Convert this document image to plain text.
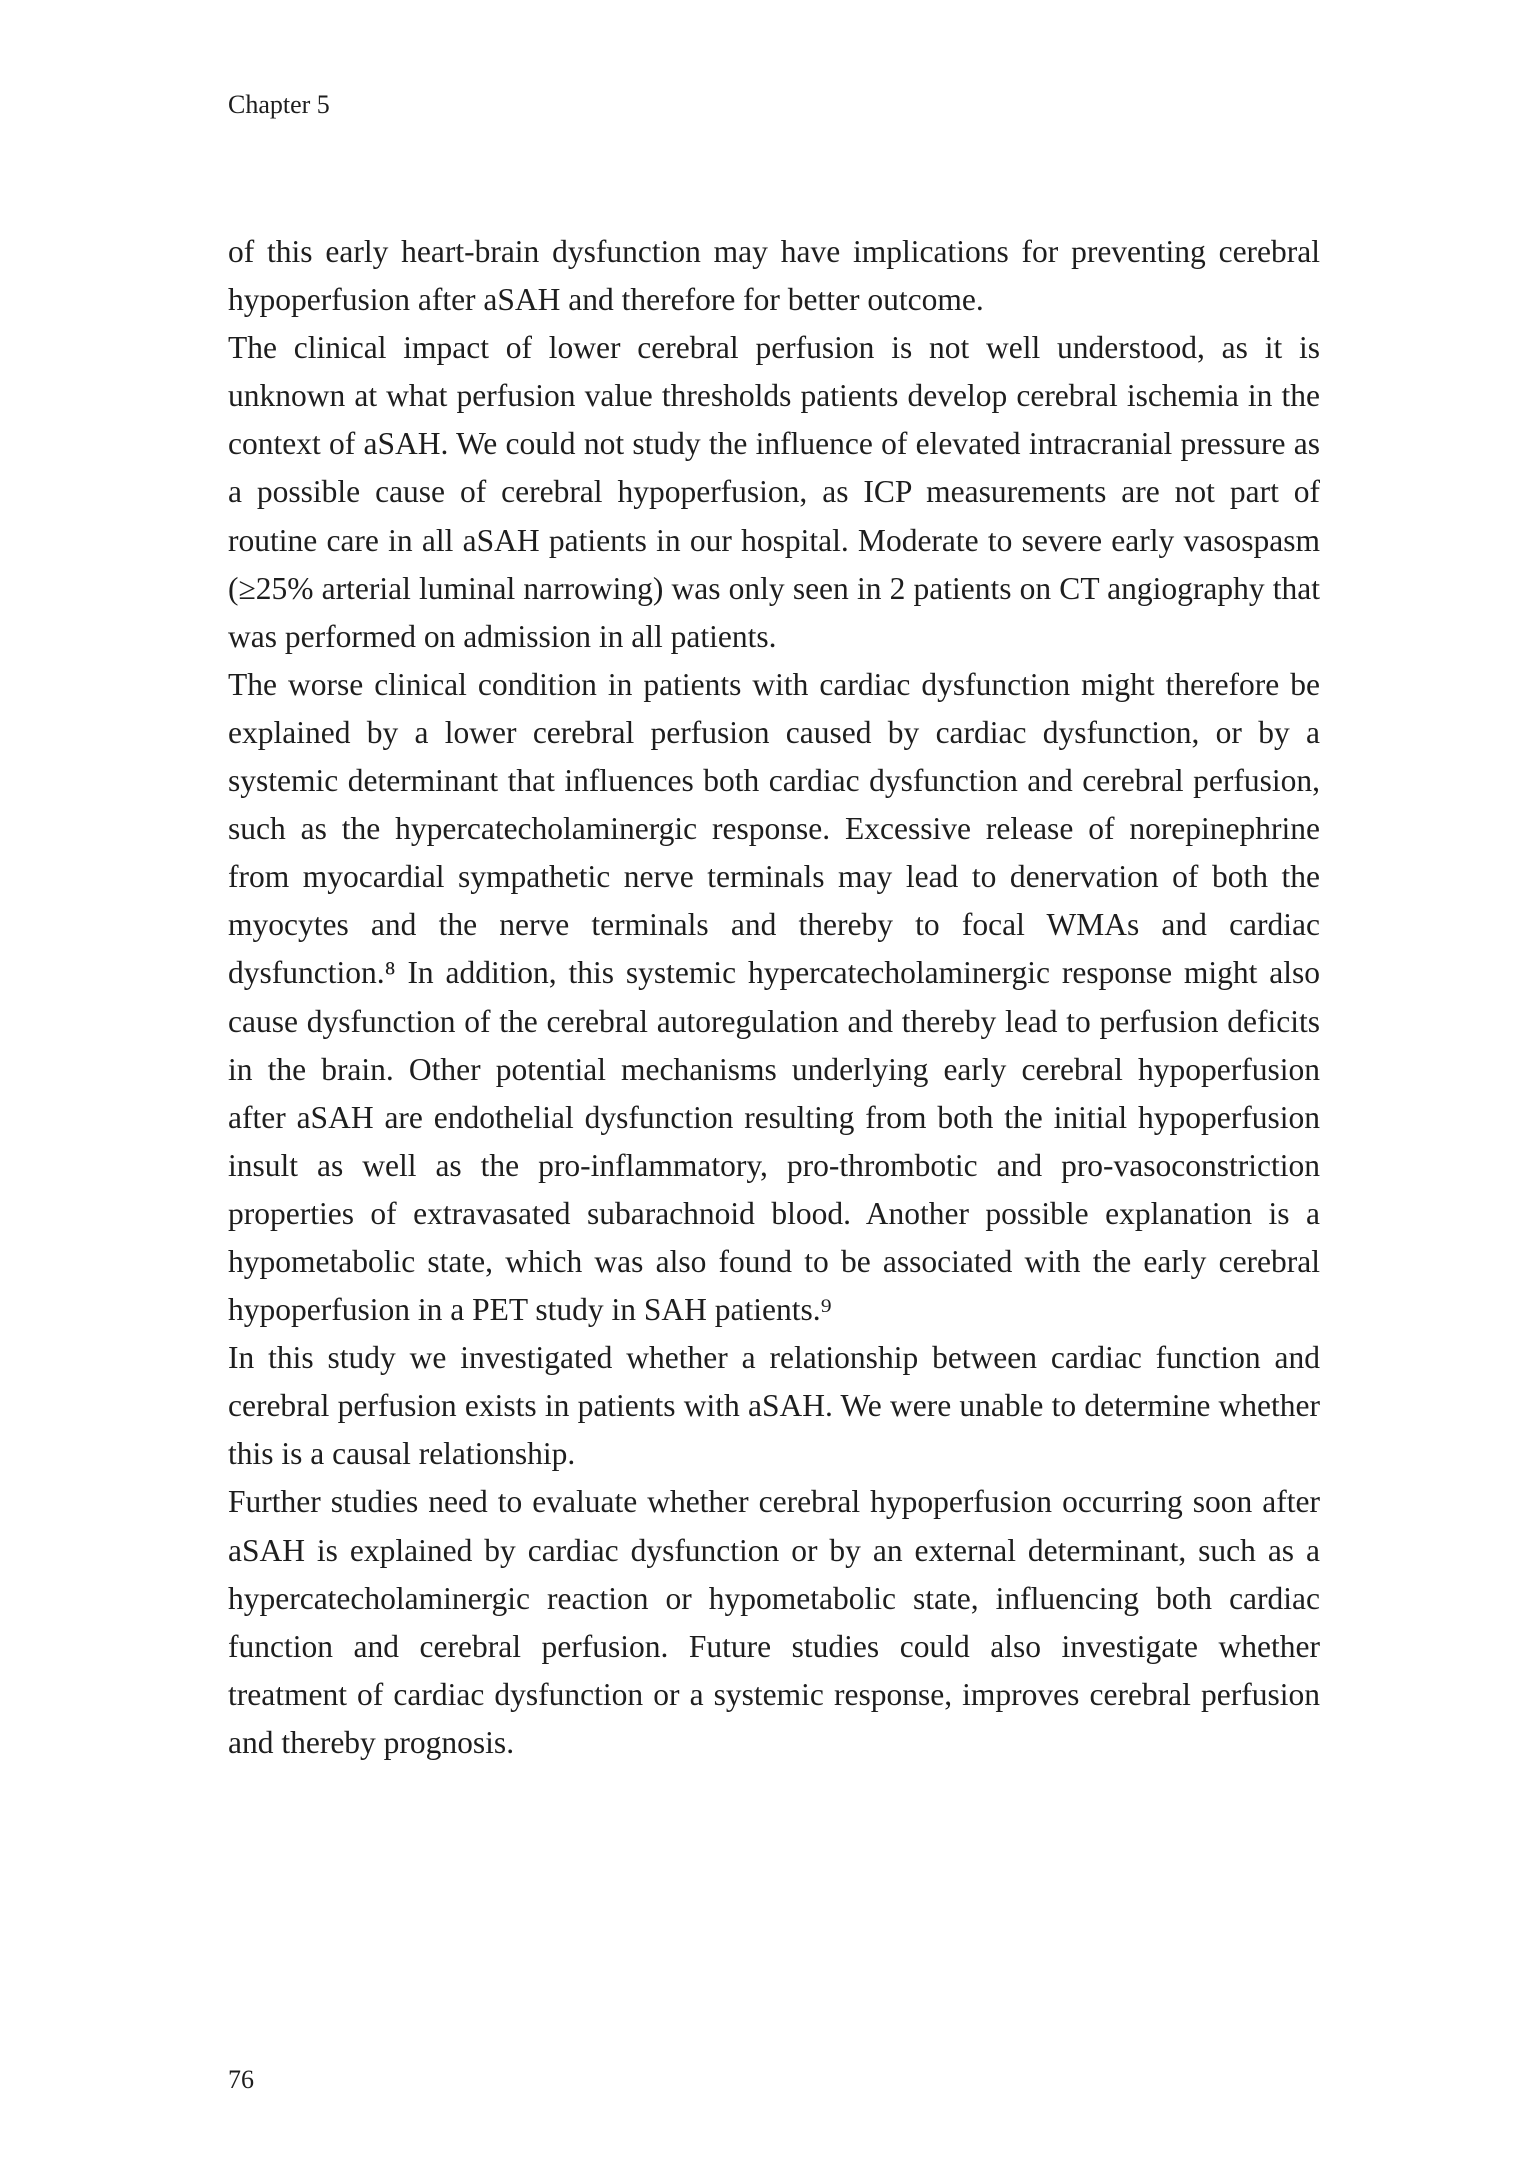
Chapter 5

of this early heart-brain dysfunction may have implications for preventing cerebral hypoperfusion after aSAH and therefore for better outcome.

The clinical impact of lower cerebral perfusion is not well understood, as it is unknown at what perfusion value thresholds patients develop cerebral ischemia in the context of aSAH. We could not study the influence of elevated intracranial pressure as a possible cause of cerebral hypoperfusion, as ICP measurements are not part of routine care in all aSAH patients in our hospital. Moderate to severe early vasospasm (≥25% arterial luminal narrowing) was only seen in 2 patients on CT angiography that was performed on admission in all patients.

The worse clinical condition in patients with cardiac dysfunction might therefore be explained by a lower cerebral perfusion caused by cardiac dysfunction, or by a systemic determinant that influences both cardiac dysfunction and cerebral perfusion, such as the hypercatecholaminergic response. Excessive release of norepinephrine from myocardial sympathetic nerve terminals may lead to denervation of both the myocytes and the nerve terminals and thereby to focal WMAs and cardiac dysfunction.⁸ In addition, this systemic hypercatecholaminergic response might also cause dysfunction of the cerebral autoregulation and thereby lead to perfusion deficits in the brain. Other potential mechanisms underlying early cerebral hypoperfusion after aSAH are endothelial dysfunction resulting from both the initial hypoperfusion insult as well as the pro-inflammatory, pro-thrombotic and pro-vasoconstriction properties of extravasated subarachnoid blood. Another possible explanation is a hypometabolic state, which was also found to be associated with the early cerebral hypoperfusion in a PET study in SAH patients.⁹

In this study we investigated whether a relationship between cardiac function and cerebral perfusion exists in patients with aSAH. We were unable to determine whether this is a causal relationship.

Further studies need to evaluate whether cerebral hypoperfusion occurring soon after aSAH is explained by cardiac dysfunction or by an external determinant, such as a hypercatecholaminergic reaction or hypometabolic state, influencing both cardiac function and cerebral perfusion. Future studies could also investigate whether treatment of cardiac dysfunction or a systemic response, improves cerebral perfusion and thereby prognosis.

76
